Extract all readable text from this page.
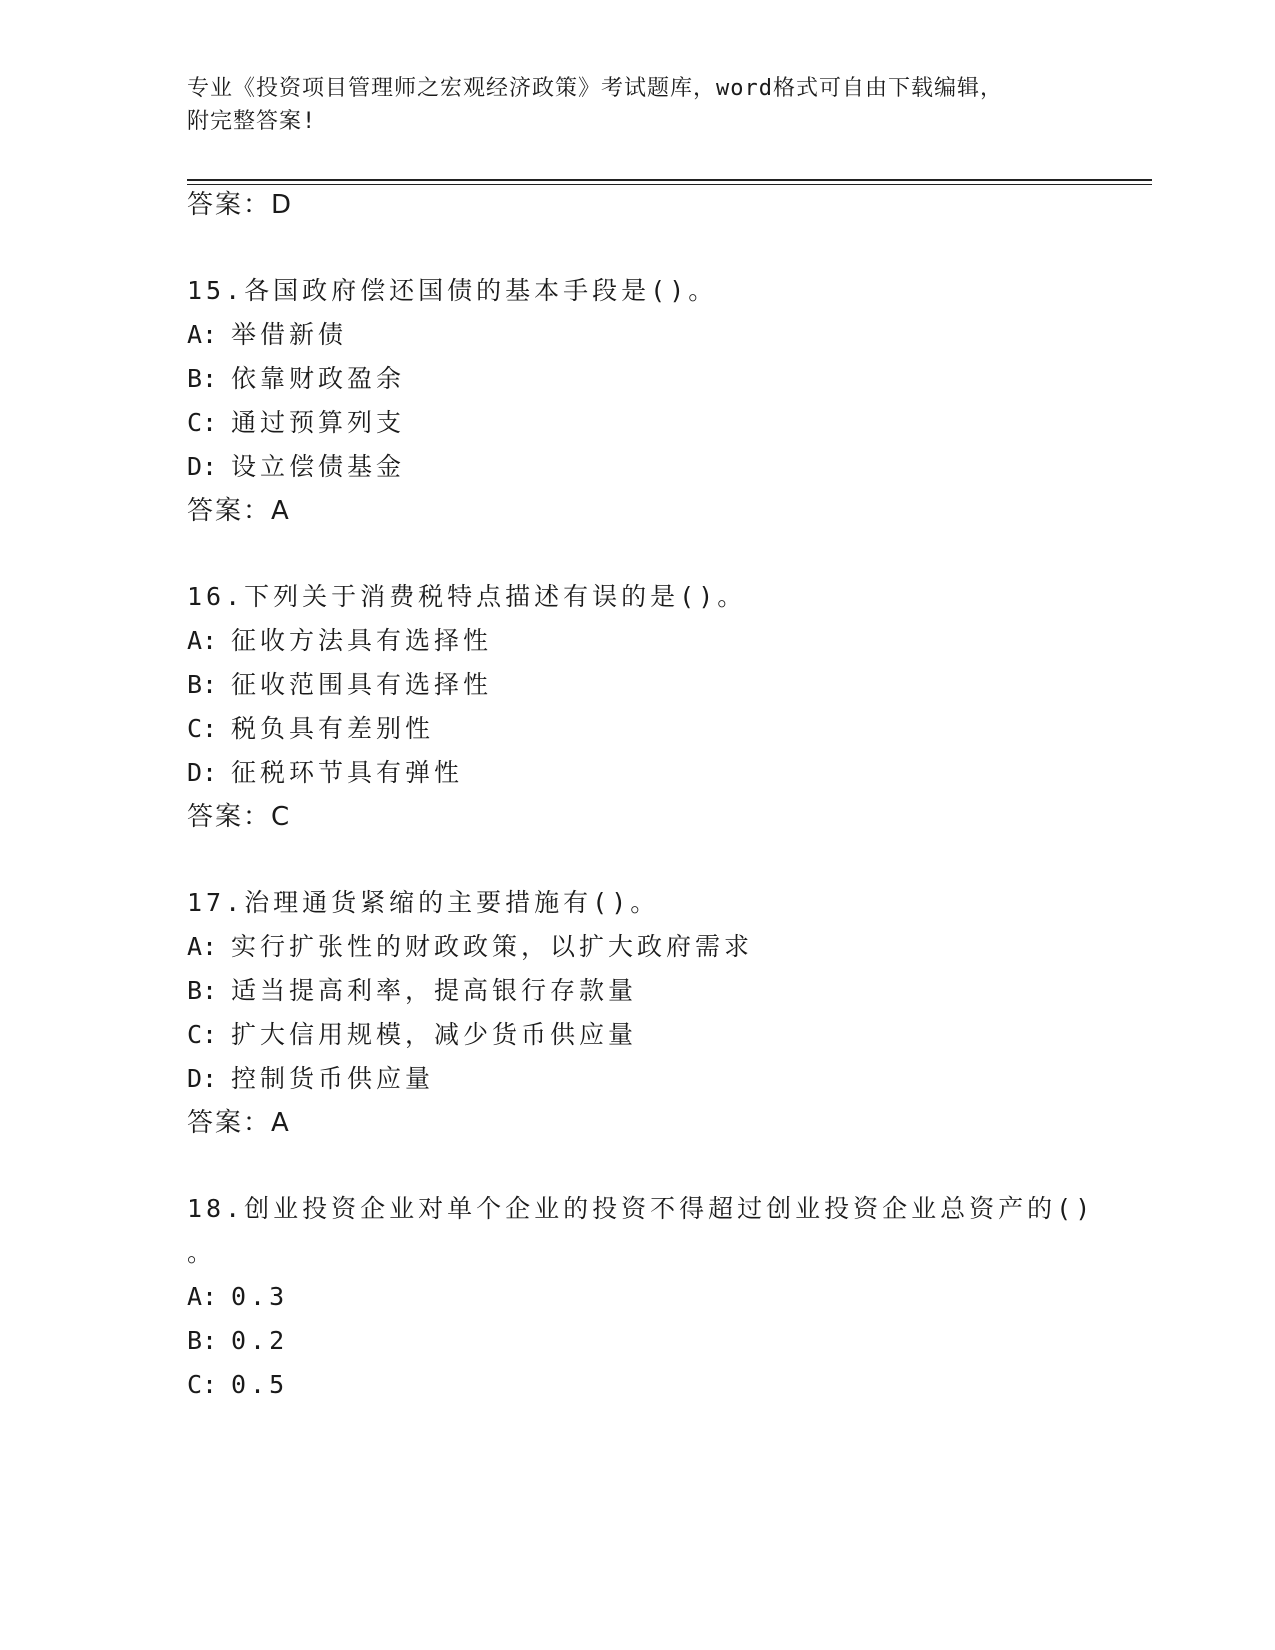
专业《投资项目管理师之宏观经济政策》考试题库，word格式可自由下载编辑，
附完整答案!
答案：D
15.各国政府偿还国债的基本手段是()。
A: 举借新债
B: 依靠财政盈余
C: 通过预算列支
D: 设立偿债基金
答案：A
16.下列关于消费税特点描述有误的是()。
A: 征收方法具有选择性
B: 征收范围具有选择性
C: 税负具有差别性
D: 征税环节具有弹性
答案：C
17.治理通货紧缩的主要措施有()。
A: 实行扩张性的财政政策，以扩大政府需求
B: 适当提高利率，提高银行存款量
C: 扩大信用规模，减少货币供应量
D: 控制货币供应量
答案：A
18.创业投资企业对单个企业的投资不得超过创业投资企业总资产的()
。
A: 0.3
B: 0.2
C: 0.5
